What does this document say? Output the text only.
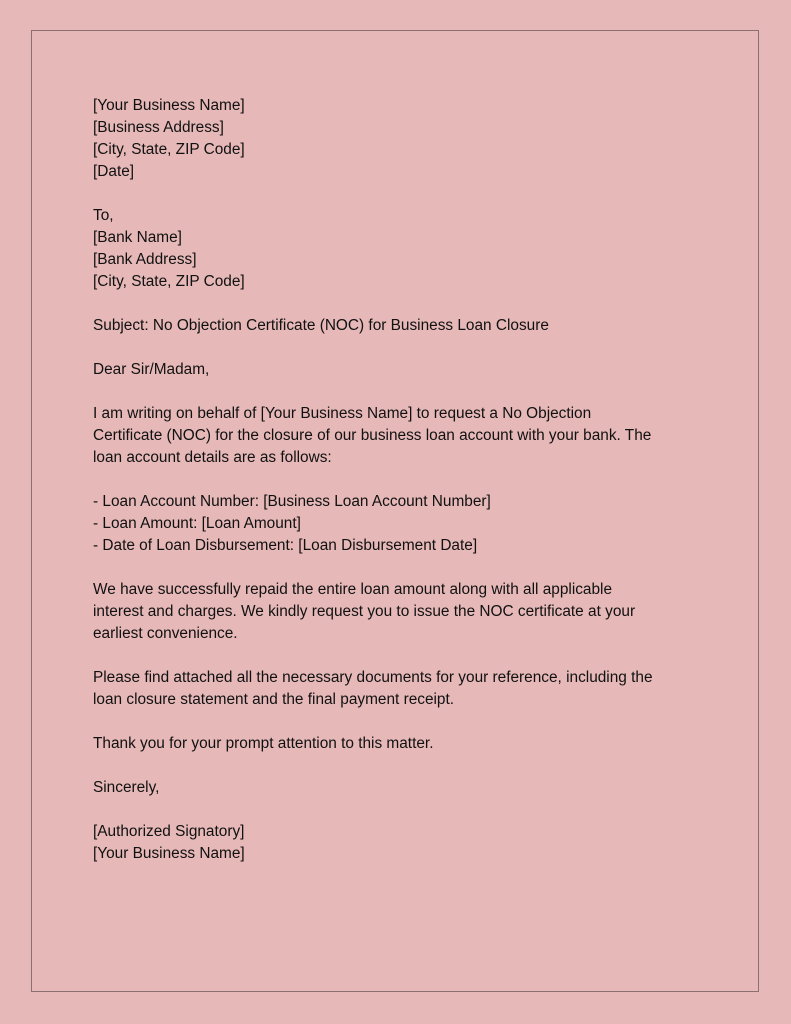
[Your Business Name]
[Business Address]
[City, State, ZIP Code]
[Date]
To,
[Bank Name]
[Bank Address]
[City, State, ZIP Code]
Subject: No Objection Certificate (NOC) for Business Loan Closure
Dear Sir/Madam,
I am writing on behalf of [Your Business Name] to request a No Objection
Certificate (NOC) for the closure of our business loan account with your bank. The
loan account details are as follows:
- Loan Account Number: [Business Loan Account Number]
- Loan Amount: [Loan Amount]
- Date of Loan Disbursement: [Loan Disbursement Date]
We have successfully repaid the entire loan amount along with all applicable
interest and charges. We kindly request you to issue the NOC certificate at your
earliest convenience.
Please find attached all the necessary documents for your reference, including the
loan closure statement and the final payment receipt.
Thank you for your prompt attention to this matter.
Sincerely,
[Authorized Signatory]
[Your Business Name]
